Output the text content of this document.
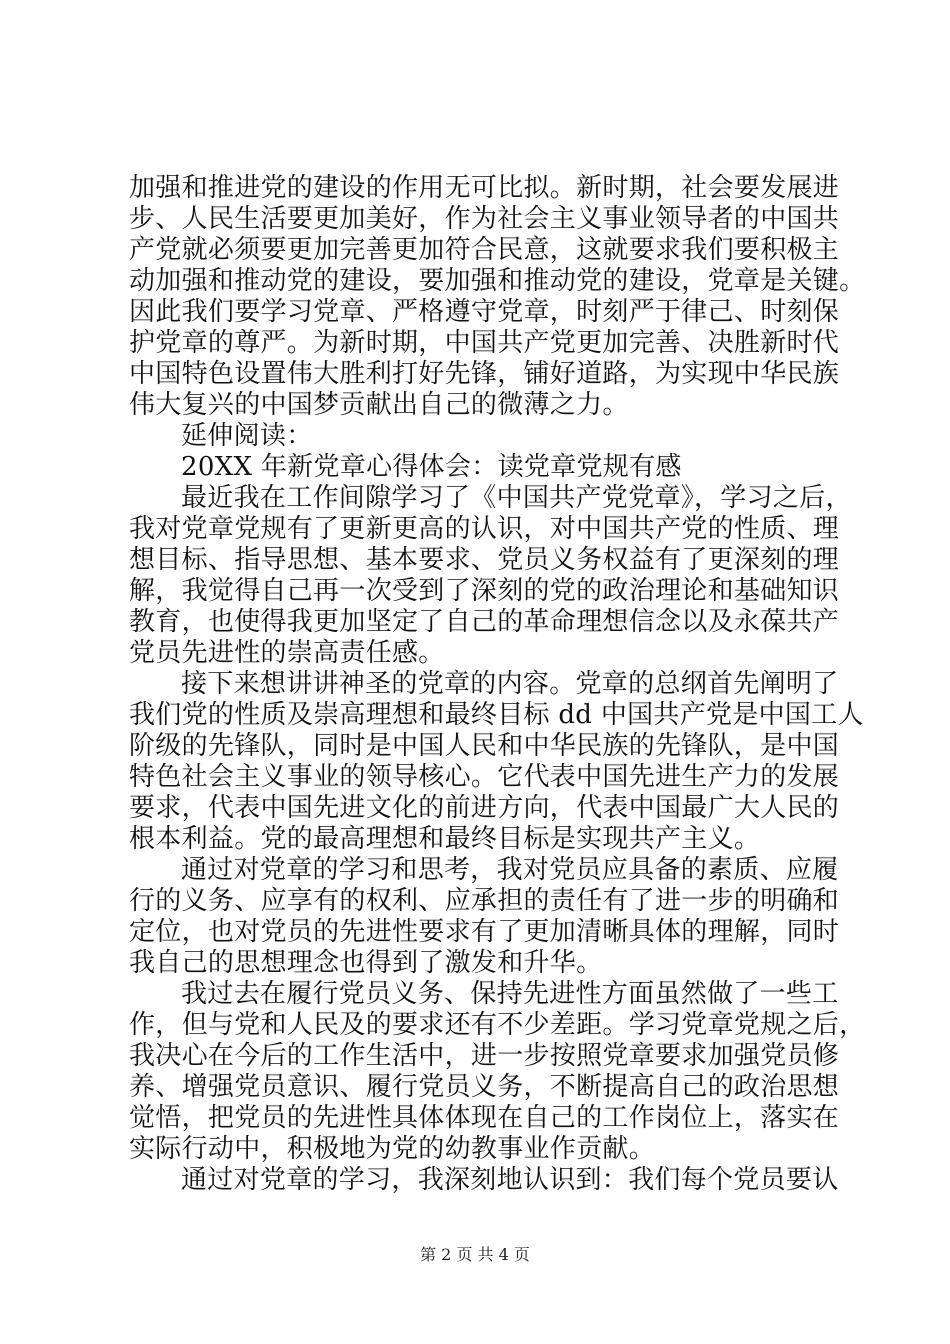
加强和推进党的建设的作用无可比拟。新时期，社会要发展进
步、人民生活要更加美好，作为社会主义事业领导者的中国共
产党就必须要更加完善更加符合民意，这就要求我们要积极主
动加强和推动党的建设，要加强和推动党的建设，党章是关键。
因此我们要学习党章、严格遵守党章，时刻严于律己、时刻保
护党章的尊严。为新时期，中国共产党更加完善、决胜新时代
中国特色设置伟大胜利打好先锋，铺好道路，为实现中华民族
伟大复兴的中国梦贡献出自己的微薄之力。
延伸阅读：
20XX 年新党章心得体会：读党章党规有感
最近我在工作间隙学习了《中国共产党党章》，学习之后，
我对党章党规有了更新更高的认识，对中国共产党的性质、理
想目标、指导思想、基本要求、党员义务权益有了更深刻的理
解，我觉得自己再一次受到了深刻的党的政治理论和基础知识
教育，也使得我更加坚定了自己的革命理想信念以及永葆共产
党员先进性的崇高责任感。
接下来想讲讲神圣的党章的内容。党章的总纲首先阐明了
我们党的性质及崇高理想和最终目标 dd 中国共产党是中国工人
阶级的先锋队，同时是中国人民和中华民族的先锋队，是中国
特色社会主义事业的领导核心。它代表中国先进生产力的发展
要求，代表中国先进文化的前进方向，代表中国最广大人民的
根本利益。党的最高理想和最终目标是实现共产主义。
通过对党章的学习和思考，我对党员应具备的素质、应履
行的义务、应享有的权利、应承担的责任有了进一步的明确和
定位，也对党员的先进性要求有了更加清晰具体的理解，同时
我自己的思想理念也得到了激发和升华。
我过去在履行党员义务、保持先进性方面虽然做了一些工
作，但与党和人民及的要求还有不少差距。学习党章党规之后，
我决心在今后的工作生活中，进一步按照党章要求加强党员修
养、增强党员意识、履行党员义务，不断提高自己的政治思想
觉悟，把党员的先进性具体体现在自己的工作岗位上，落实在
实际行动中，积极地为党的幼教事业作贡献。
通过对党章的学习，我深刻地认识到：我们每个党员要认
第 2 页 共 4 页
